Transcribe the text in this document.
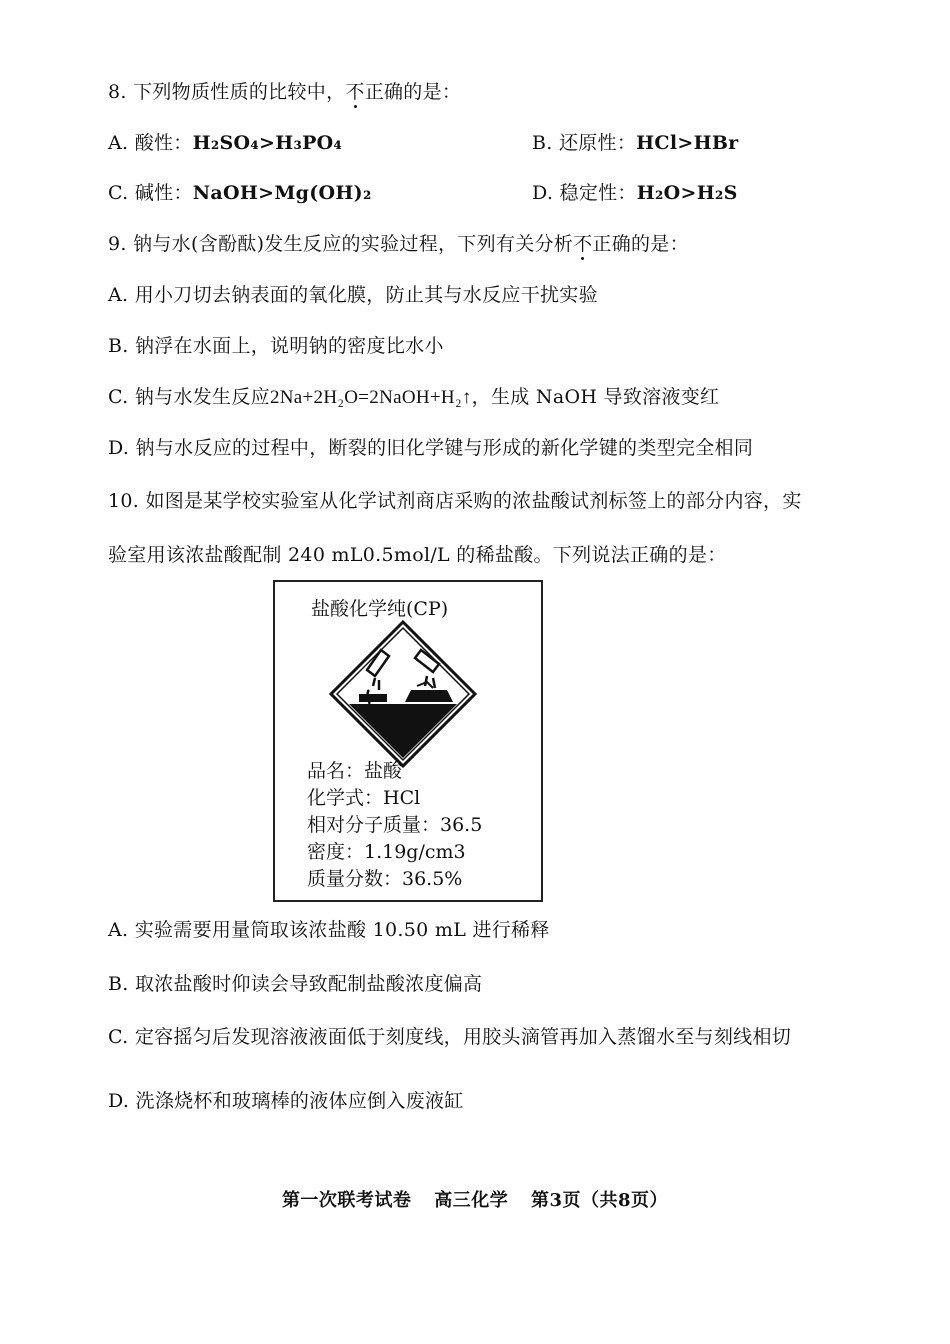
8. 下列物质性质的比较中，不正确的是：
A. 酸性：H₂SO₄>H₃PO₄	B. 还原性：HCl>HBr
C. 碱性：NaOH>Mg(OH)₂	D. 稳定性：H₂O>H₂S
9. 钠与水(含酚酞)发生反应的实验过程，下列有关分析不正确的是：
A. 用小刀切去钠表面的氧化膜，防止其与水反应干扰实验
B. 钠浮在水面上，说明钠的密度比水小
C. 钠与水发生反应2Na+2H₂O=2NaOH+H₂↑，生成 NaOH 导致溶液变红
D. 钠与水反应的过程中，断裂的旧化学键与形成的新化学键的类型完全相同
10. 如图是某学校实验室从化学试剂商店采购的浓盐酸试剂标签上的部分内容，实
验室用该浓盐酸配制 240 mL0.5mol/L 的稀盐酸。下列说法正确的是：
盐酸化学纯(CP)
品名：盐酸
化学式：HCl
相对分子质量：36.5
密度：1.19g/cm3
质量分数：36.5%
A. 实验需要用量筒取该浓盐酸 10.50 mL 进行稀释
B. 取浓盐酸时仰读会导致配制盐酸浓度偏高
C. 定容摇匀后发现溶液液面低于刻度线，用胶头滴管再加入蒸馏水至与刻线相切
D. 洗涤烧杯和玻璃棒的液体应倒入废液缸
第一次联考试卷 高三化学 第3页（共8页）
